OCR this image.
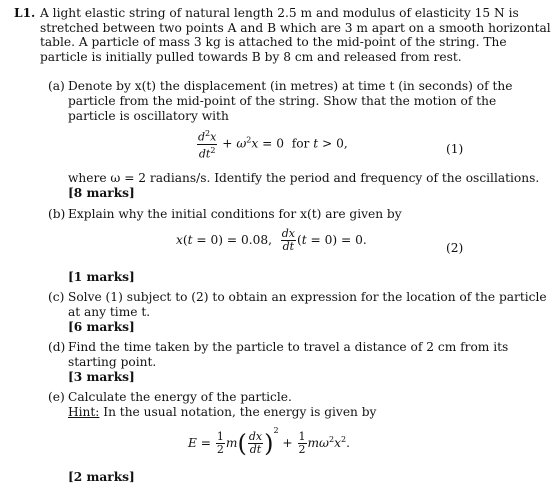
L1. A light elastic string of natural length 2.5 m and modulus of elasticity 15 N is

stretched between two points A and B which are 3 m apart on a smooth horizontal

table. A particle of mass 3 kg is attached to the mid-point of the string. The

particle is initially pulled towards B by 8 cm and released from rest.

(a) Denote by x(t) the displacement (in metres) at time t (in seconds) of the
particle from the mid-point of the string. Show that the motion of the
particle is oscillatory with
$\frac{d^2x}{dt^2} + \omega^2x = 0$  for t > 0,	(1)
where ω = 2 radians/s. Identify the period and frequency of the oscillations.
[8 marks]
(b) Explain why the initial conditions for x(t) are given by
x(t = 0) = 0.08, $\frac{dx}{dt} (t = 0) = 0$.
(2)
[1 marks]
(c) Solve (1) subject to (2) to obtain an expression for the location of the particle
at any time t.
[6 marks]
(d) Find the time taken by the particle to travel a distance of 2 cm from its
starting point.
[3 marks]
(e) Calculate the energy of the particle.
Hint: In the usual notation, the energy is given by
$E = \frac{1}{2} m( \frac{dx}{dt} )^2 + \frac{1}{2} m\omega^2x^2$.
[2 marks]
